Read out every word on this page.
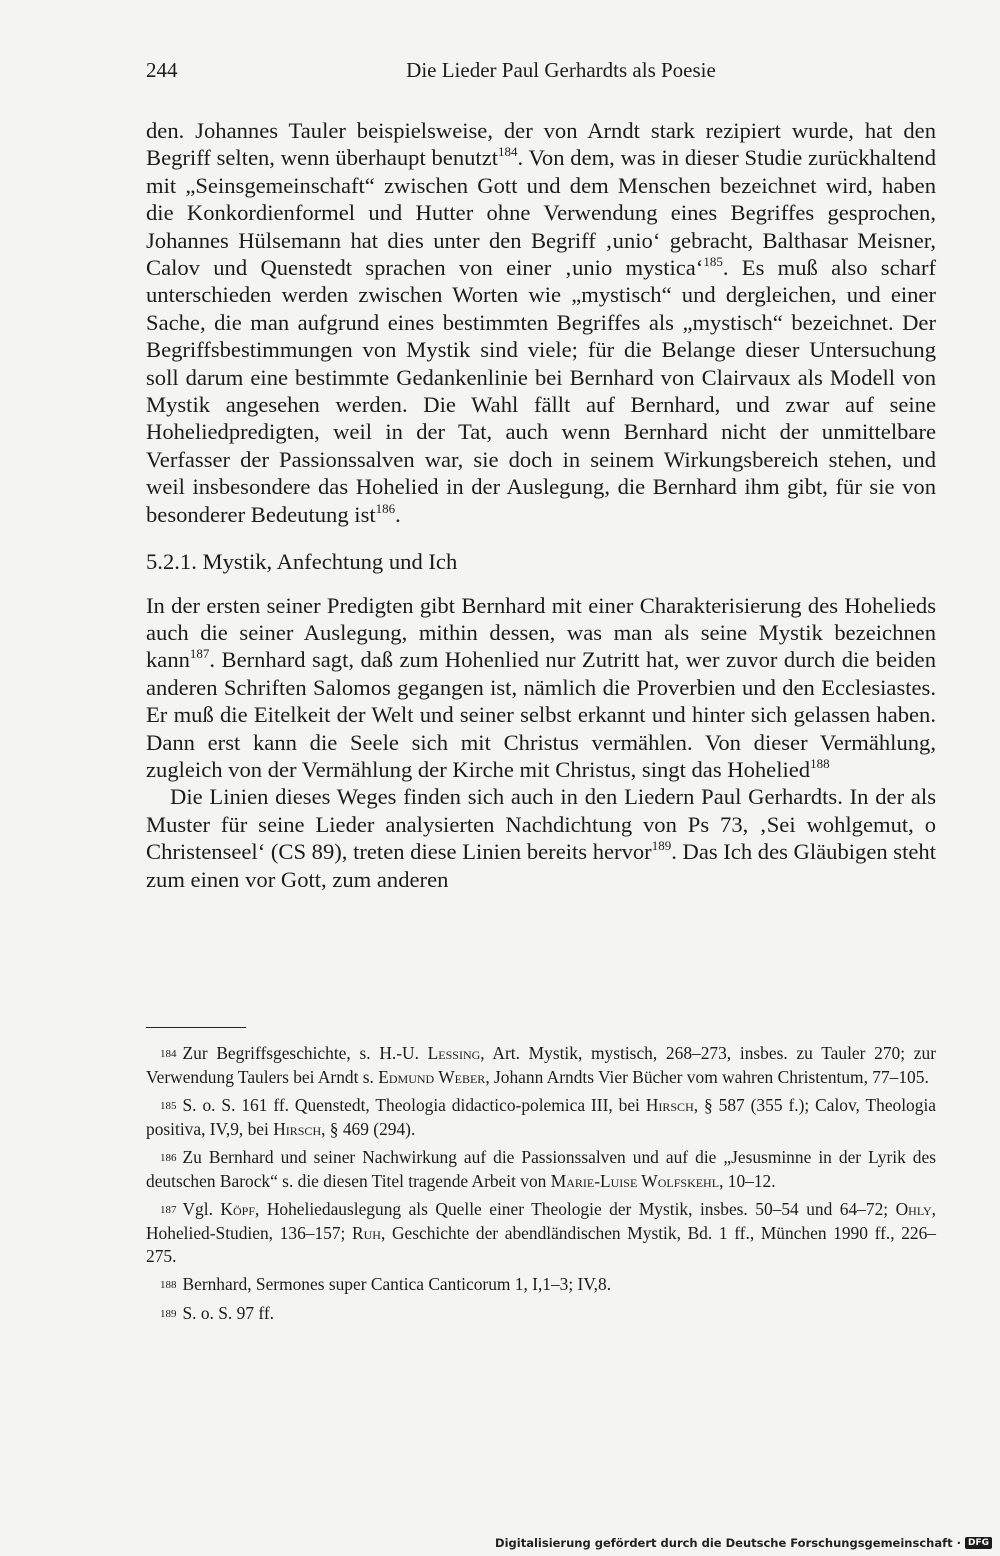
244	Die Lieder Paul Gerhardts als Poesie

den. Johannes Tauler beispielsweise, der von Arndt stark rezipiert wurde, hat den Begriff selten, wenn überhaupt benutzt$^{184}$. Von dem, was in dieser Studie zurückhaltend mit „Seinsgemeinschaft“ zwischen Gott und dem Menschen bezeichnet wird, haben die Konkordienformel und Hutter ohne Verwendung eines Begriffes gesprochen, Johannes Hülsemann hat dies unter den Begriff ‚unio‘ gebracht, Balthasar Meisner, Calov und Quenstedt sprachen von einer ‚unio mystica‘$^{185}$. Es muß also scharf unterschieden werden zwischen Worten wie „mystisch“ und dergleichen, und einer Sache, die man aufgrund eines bestimmten Begriffes als „mystisch“ bezeichnet. Der Begriffsbestimmungen von Mystik sind viele; für die Belange dieser Untersuchung soll darum eine bestimmte Gedankenlinie bei Bernhard von Clairvaux als Modell von Mystik angesehen werden. Die Wahl fällt auf Bernhard, und zwar auf seine Hoheliedpredigten, weil in der Tat, auch wenn Bernhard nicht der unmittelbare Verfasser der Passionssalven war, sie doch in seinem Wirkungsbereich stehen, und weil insbesondere das Hohelied in der Auslegung, die Bernhard ihm gibt, für sie von besonderer Bedeutung ist$^{186}$.

5.2.1. Mystik, Anfechtung und Ich

In der ersten seiner Predigten gibt Bernhard mit einer Charakterisierung des Hohelieds auch die seiner Auslegung, mithin dessen, was man als seine Mystik bezeichnen kann$^{187}$. Bernhard sagt, daß zum Hohenlied nur Zutritt hat, wer zuvor durch die beiden anderen Schriften Salomos gegangen ist, nämlich die Proverbien und den Ecclesiastes. Er muß die Eitelkeit der Welt und seiner selbst erkannt und hinter sich gelassen haben. Dann erst kann die Seele sich mit Christus vermählen. Von dieser Vermählung, zugleich von der Vermählung der Kirche mit Christus, singt das Hohelied$^{188}$

Die Linien dieses Weges finden sich auch in den Liedern Paul Gerhardts. In der als Muster für seine Lieder analysierten Nachdichtung von Ps 73, ‚Sei wohlgemut, o Christenseel‘ (CS 89), treten diese Linien bereits hervor$^{189}$. Das Ich des Gläubigen steht zum einen vor Gott, zum anderen

184 Zur Begriffsgeschichte, s. H.-U. Lessing, Art. Mystik, mystisch, 268–273, insbes. zu Tauler 270; zur Verwendung Taulers bei Arndt s. Edmund Weber, Johann Arndts Vier Bücher vom wahren Christentum, 77–105.

185 S. o. S. 161 ff. Quenstedt, Theologia didactico-polemica III, bei Hirsch, § 587 (355 f.); Calov, Theologia positiva, IV,9, bei Hirsch, § 469 (294).

186 Zu Bernhard und seiner Nachwirkung auf die Passionssalven und auf die „Jesusminne in der Lyrik des deutschen Barock“ s. die diesen Titel tragende Arbeit von Marie-Luise Wolfskehl, 10–12.

187 Vgl. Köpf, Hoheliedauslegung als Quelle einer Theologie der Mystik, insbes. 50–54 und 64–72; Ohly, Hohelied-Studien, 136–157; Ruh, Geschichte der abendländischen Mystik, Bd. 1 ff., München 1990 ff., 226–275.

188 Bernhard, Sermones super Cantica Canticorum 1, I,1–3; IV,8.

189 S. o. S. 97 ff.

Digitalisierung gefördert durch die Deutsche Forschungsgemeinschaft · DFG
